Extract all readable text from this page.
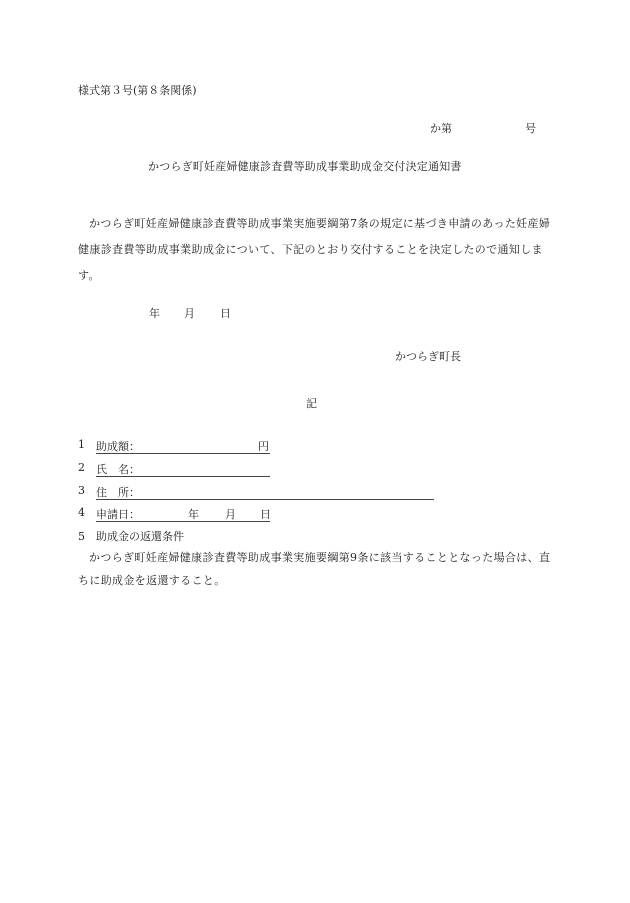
様式第３号(第８条関係)
か第	号
かつらぎ町妊産婦健康診査費等助成事業助成金交付決定通知書
かつらぎ町妊産婦健康診査費等助成事業実施要綱第7条の規定に基づき申請のあった妊産婦健康診査費等助成事業助成金について、下記のとおり交付することを決定したので通知します。
年 月 日
かつらぎ町長
記
1 助成額：	円
2 氏　名：
3 住　所：
4 申請日：	年 月 日
5　助成金の返還条件
かつらぎ町妊産婦健康診査費等助成事業実施要綱第9条に該当することとなった場合は、直ちに助成金を返還すること。
